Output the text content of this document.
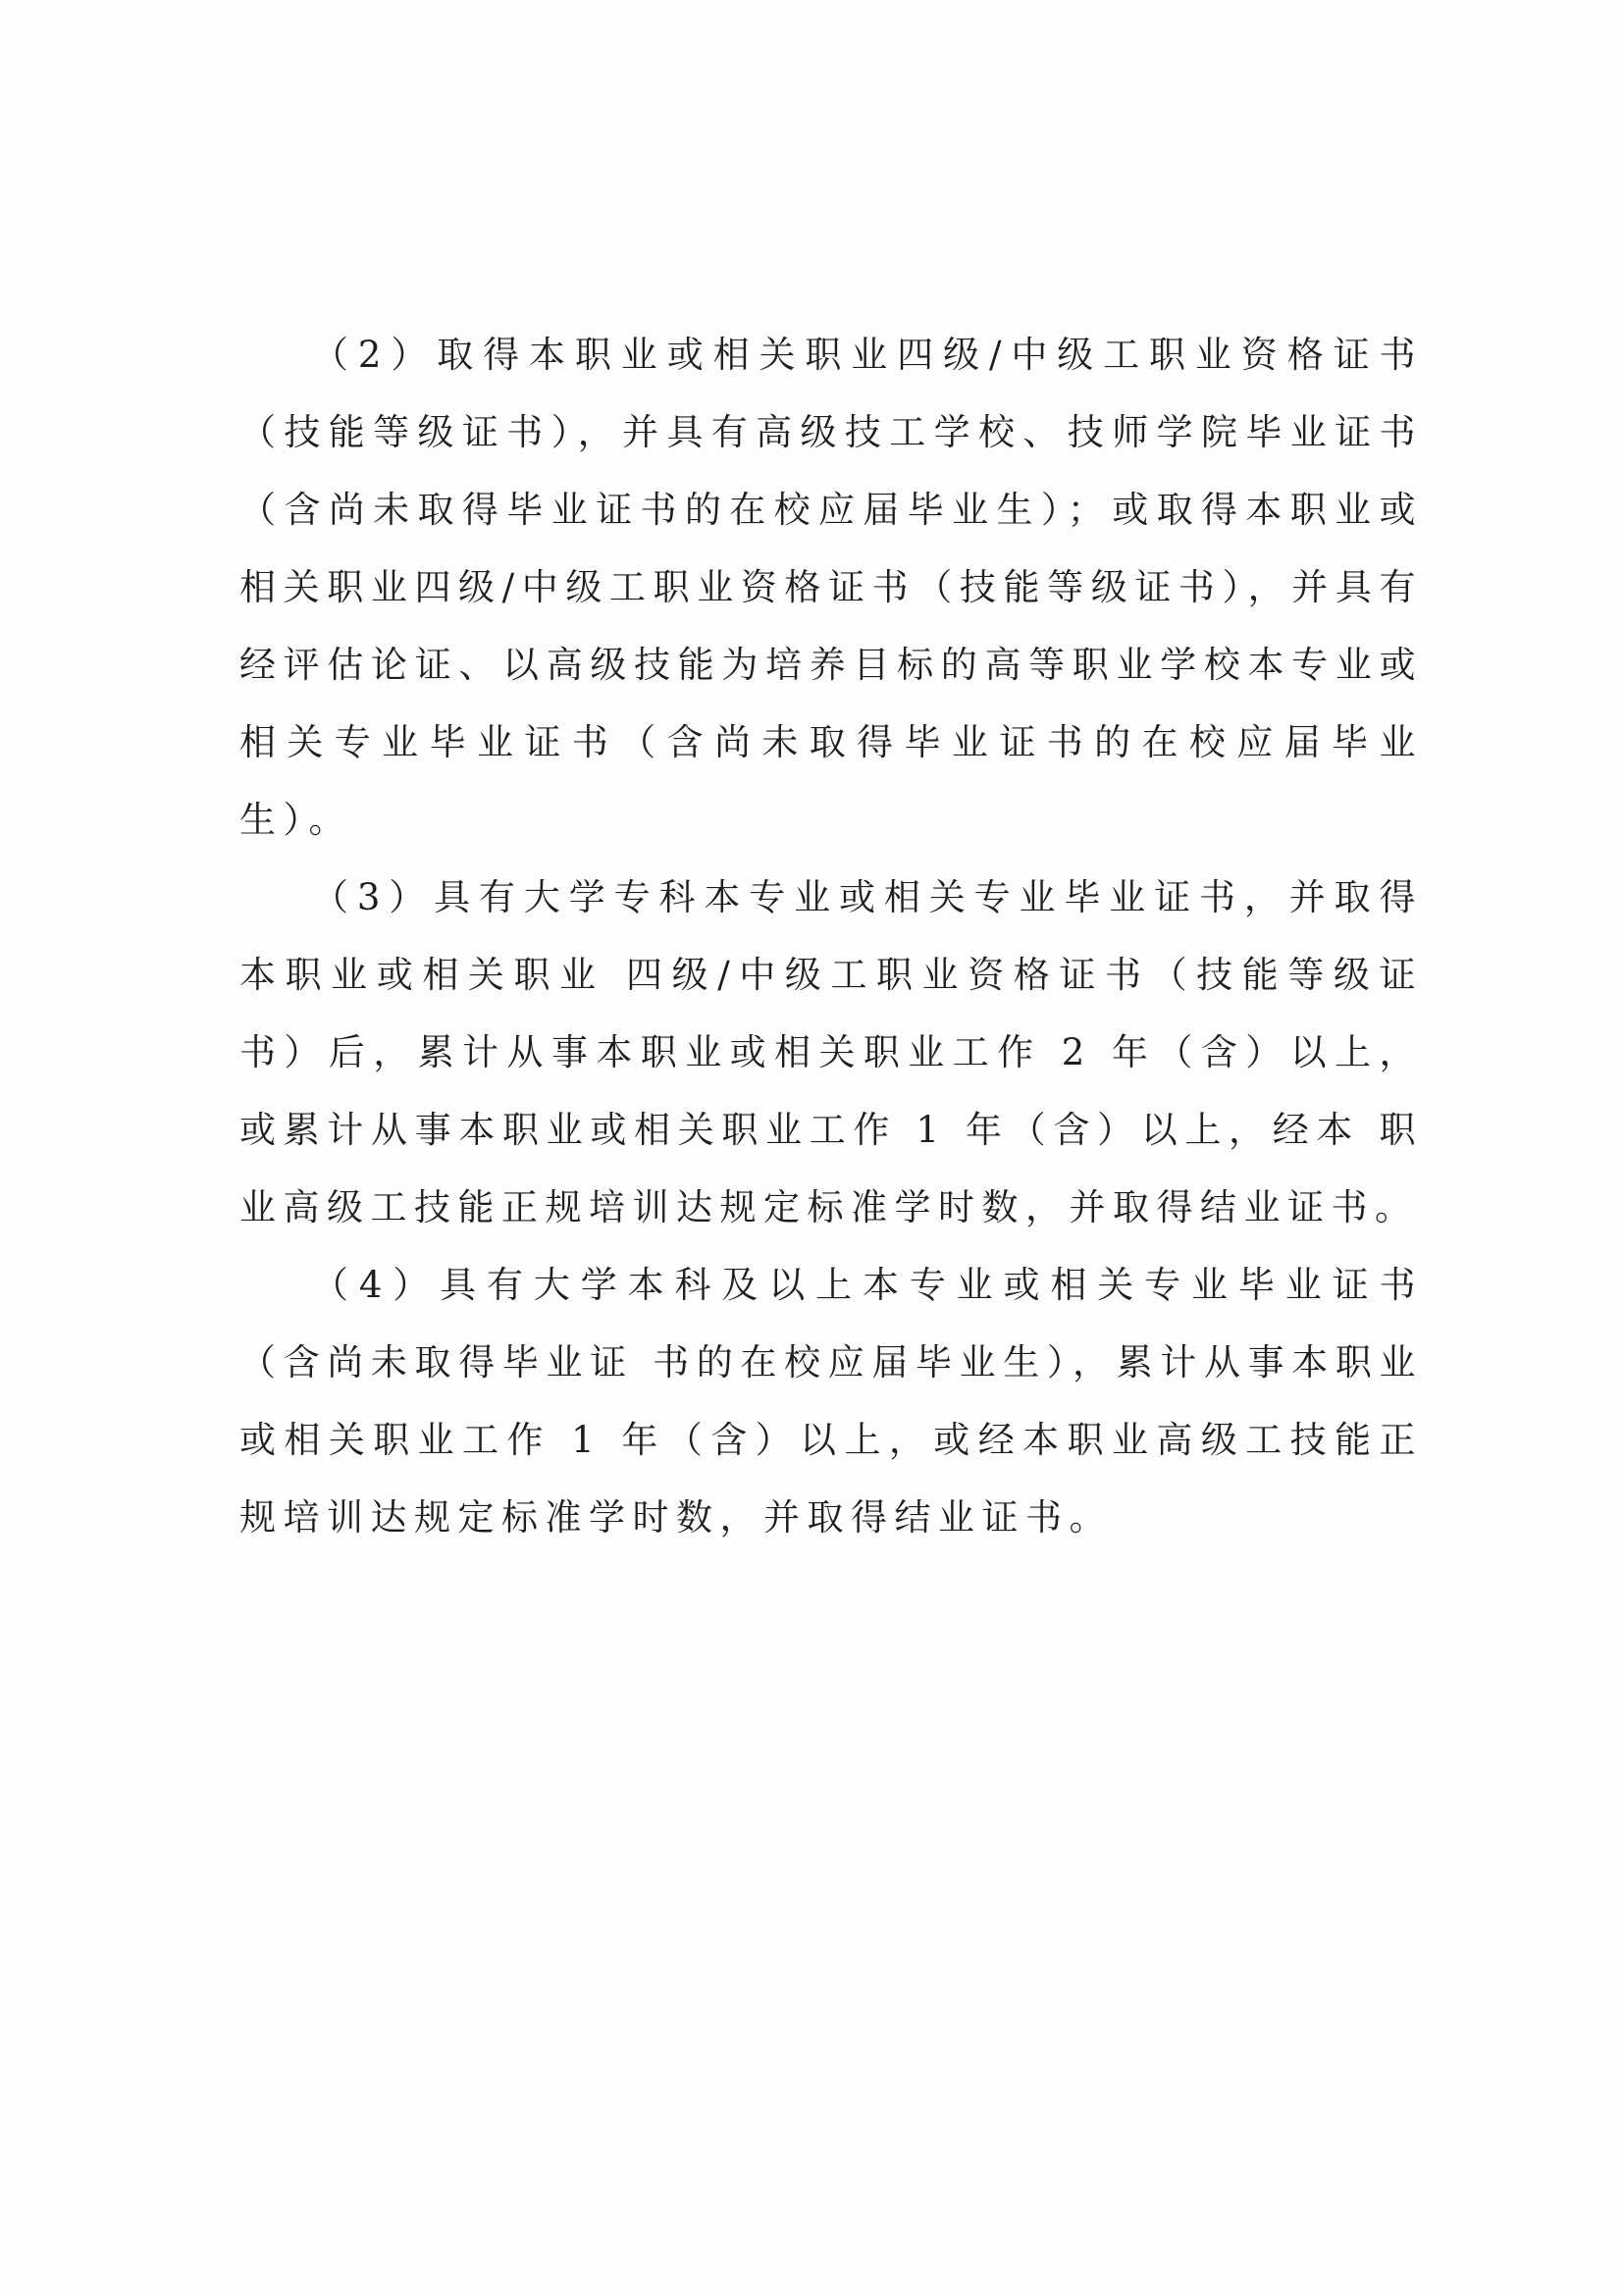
（2）取得本职业或相关职业四级/中级工职业资格证书（技能等级证书），并具有高级技工学校、技师学院毕业证书（含尚未取得毕业证书的在校应届毕业生）；或取得本职业或相关职业四级/中级工职业资格证书（技能等级证书），并具有经评估论证、以高级技能为培养目标的高等职业学校本专业或相关专业毕业证书（含尚未取得毕业证书的在校应届毕业生）。

（3）具有大学专科本专业或相关专业毕业证书，并取得本职业或相关职业 四级/中级工职业资格证书（技能等级证书）后，累计从事本职业或相关职业工作 2 年（含）以上，或累计从事本职业或相关职业工作 1 年（含）以上，经本 职业高级工技能正规培训达规定标准学时数，并取得结业证书。

（4）具有大学本科及以上本专业或相关专业毕业证书（含尚未取得毕业证 书的在校应届毕业生），累计从事本职业或相关职业工作 1 年（含）以上，或经本职业高级工技能正规培训达规定标准学时数，并取得结业证书。
